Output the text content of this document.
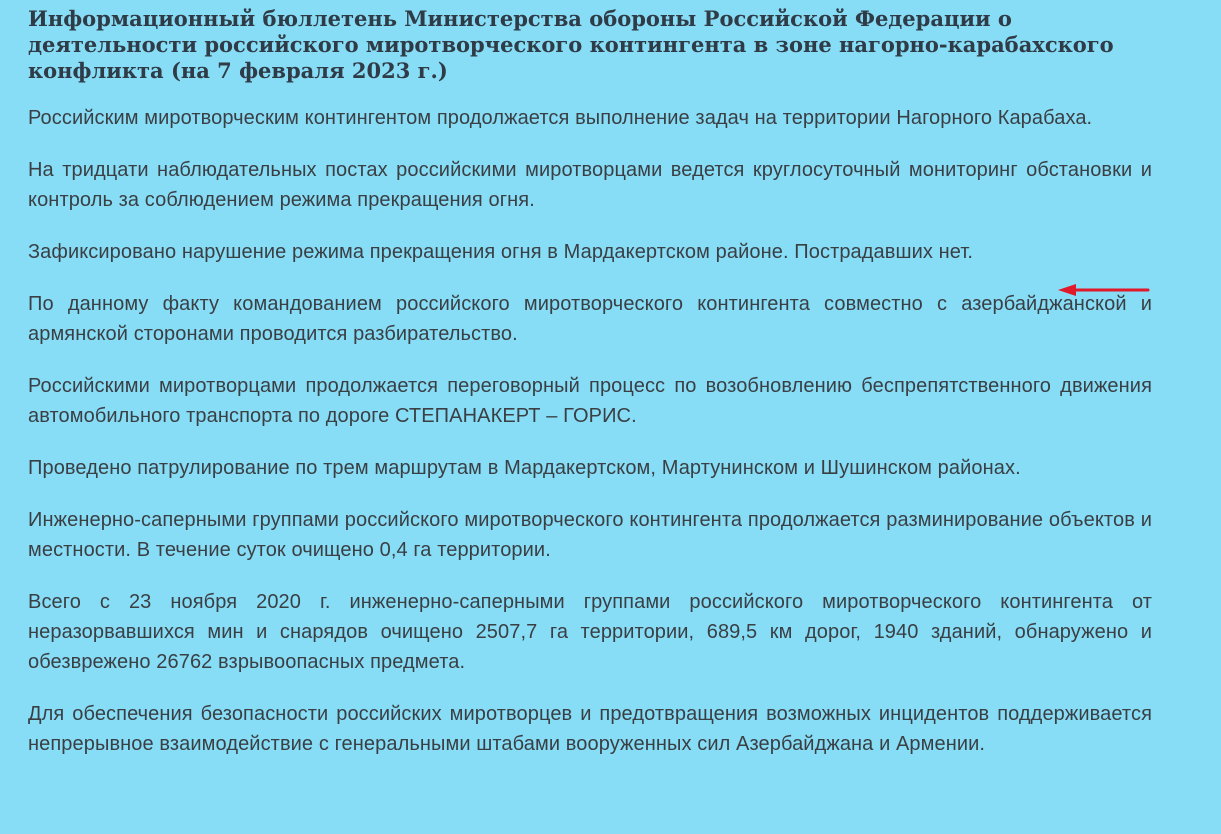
Информационный бюллетень Министерства обороны Российской Федерации о деятельности российского миротворческого контингента в зоне нагорно-карабахского конфликта (на 7 февраля 2023 г.)

Российским миротворческим контингентом продолжается выполнение задач на территории Нагорного Карабаха.

На тридцати наблюдательных постах российскими миротворцами ведется круглосуточный мониторинг обстановки и контроль за соблюдением режима прекращения огня.

Зафиксировано нарушение режима прекращения огня в Мардакертском районе. Пострадавших нет.

По данному факту командованием российского миротворческого контингента совместно с азербайджанской и армянской сторонами проводится разбирательство.

Российскими миротворцами продолжается переговорный процесс по возобновлению беспрепятственного движения автомобильного транспорта по дороге СТЕПАНАКЕРТ – ГОРИС.

Проведено патрулирование по трем маршрутам в Мардакертском, Мартунинском и Шушинском районах.

Инженерно-саперными группами российского миротворческого контингента продолжается разминирование объектов и местности. В течение суток очищено 0,4 га территории.

Всего с 23 ноября 2020 г. инженерно-саперными группами российского миротворческого контингента от неразорвавшихся мин и снарядов очищено 2507,7 га территории, 689,5 км дорог, 1940 зданий, обнаружено и обезврежено 26762 взрывоопасных предмета.

Для обеспечения безопасности российских миротворцев и предотвращения возможных инцидентов поддерживается непрерывное взаимодействие с генеральными штабами вооруженных сил Азербайджана и Армении.
